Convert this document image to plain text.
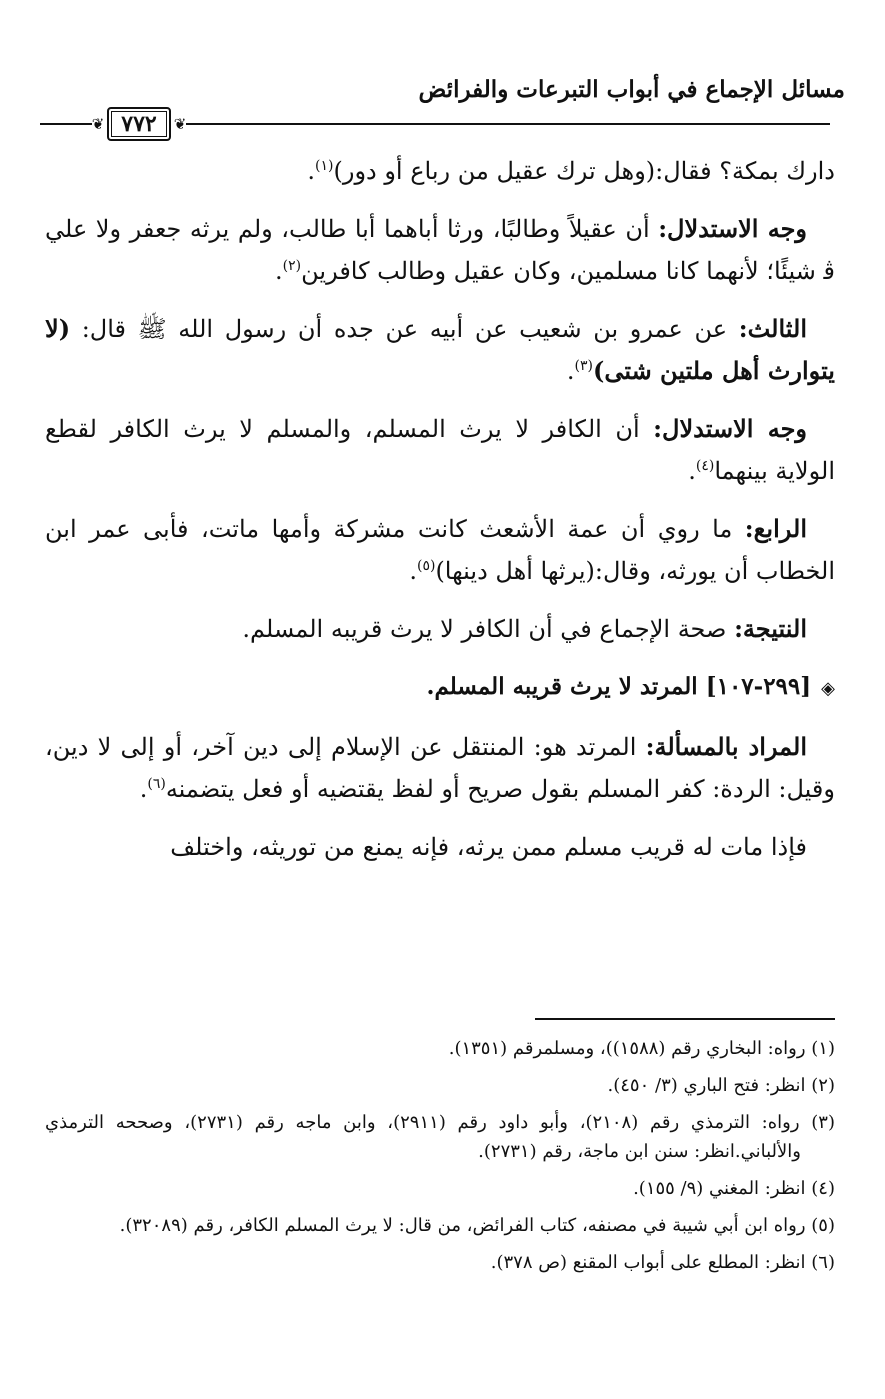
مسائل الإجماع في أبواب التبرعات والفرائض
❦
٧٧٢
❦

دارك بمكة؟ فقال:(وهل ترك عقيل من رباع أو دور)$^{(١)}$.

وجه الاستدلال: أن عقيلاً وطالبًا، ورثا أباهما أبا طالب، ولم يرثه جعفر ولا علي ﭬ شيئًا؛ لأنهما كانا مسلمين، وكان عقيل وطالب كافرين$^{(٢)}$.

الثالث: عن عمرو بن شعيب عن أبيه عن جده أن رسول الله ﷺ قال: (لا يتوارث أهل ملتين شتى)$^{(٣)}$.

وجه الاستدلال: أن الكافر لا يرث المسلم، والمسلم لا يرث الكافر لقطع الولاية بينهما$^{(٤)}$.

الرابع: ما روي أن عمة الأشعث كانت مشركة وأمها ماتت، فأبى عمر ابن الخطاب أن يورثه، وقال:(يرثها أهل دينها)$^{(٥)}$.

النتيجة: صحة الإجماع في أن الكافر لا يرث قريبه المسلم.

◈[٢٩٩-١٠٧] المرتد لا يرث قريبه المسلم.

المراد بالمسألة: المرتد هو: المنتقل عن الإسلام إلى دين آخر، أو إلى لا دين، وقيل: الردة: كفر المسلم بقول صريح أو لفظ يقتضيه أو فعل يتضمنه$^{(٦)}$.

فإذا مات له قريب مسلم ممن يرثه، فإنه يمنع من توريثه، واختلف

(١) رواه: البخاري رقم (١٥٨٨))، ومسلمرقم (١٣٥١).

(٢) انظر: فتح الباري (٣/ ٤٥٠).

(٣) رواه: الترمذي رقم (٢١٠٨)، وأبو داود رقم (٢٩١١)، وابن ماجه رقم (٢٧٣١)، وصححه الترمذي والألباني.انظر: سنن ابن ماجة، رقم (٢٧٣١).

(٤) انظر: المغني (٩/ ١٥٥).

(٥) رواه ابن أبي شيبة في مصنفه، كتاب الفرائض، من قال: لا يرث المسلم الكافر، رقم (٣٢٠٨٩).

(٦) انظر: المطلع على أبواب المقنع (ص ٣٧٨).
